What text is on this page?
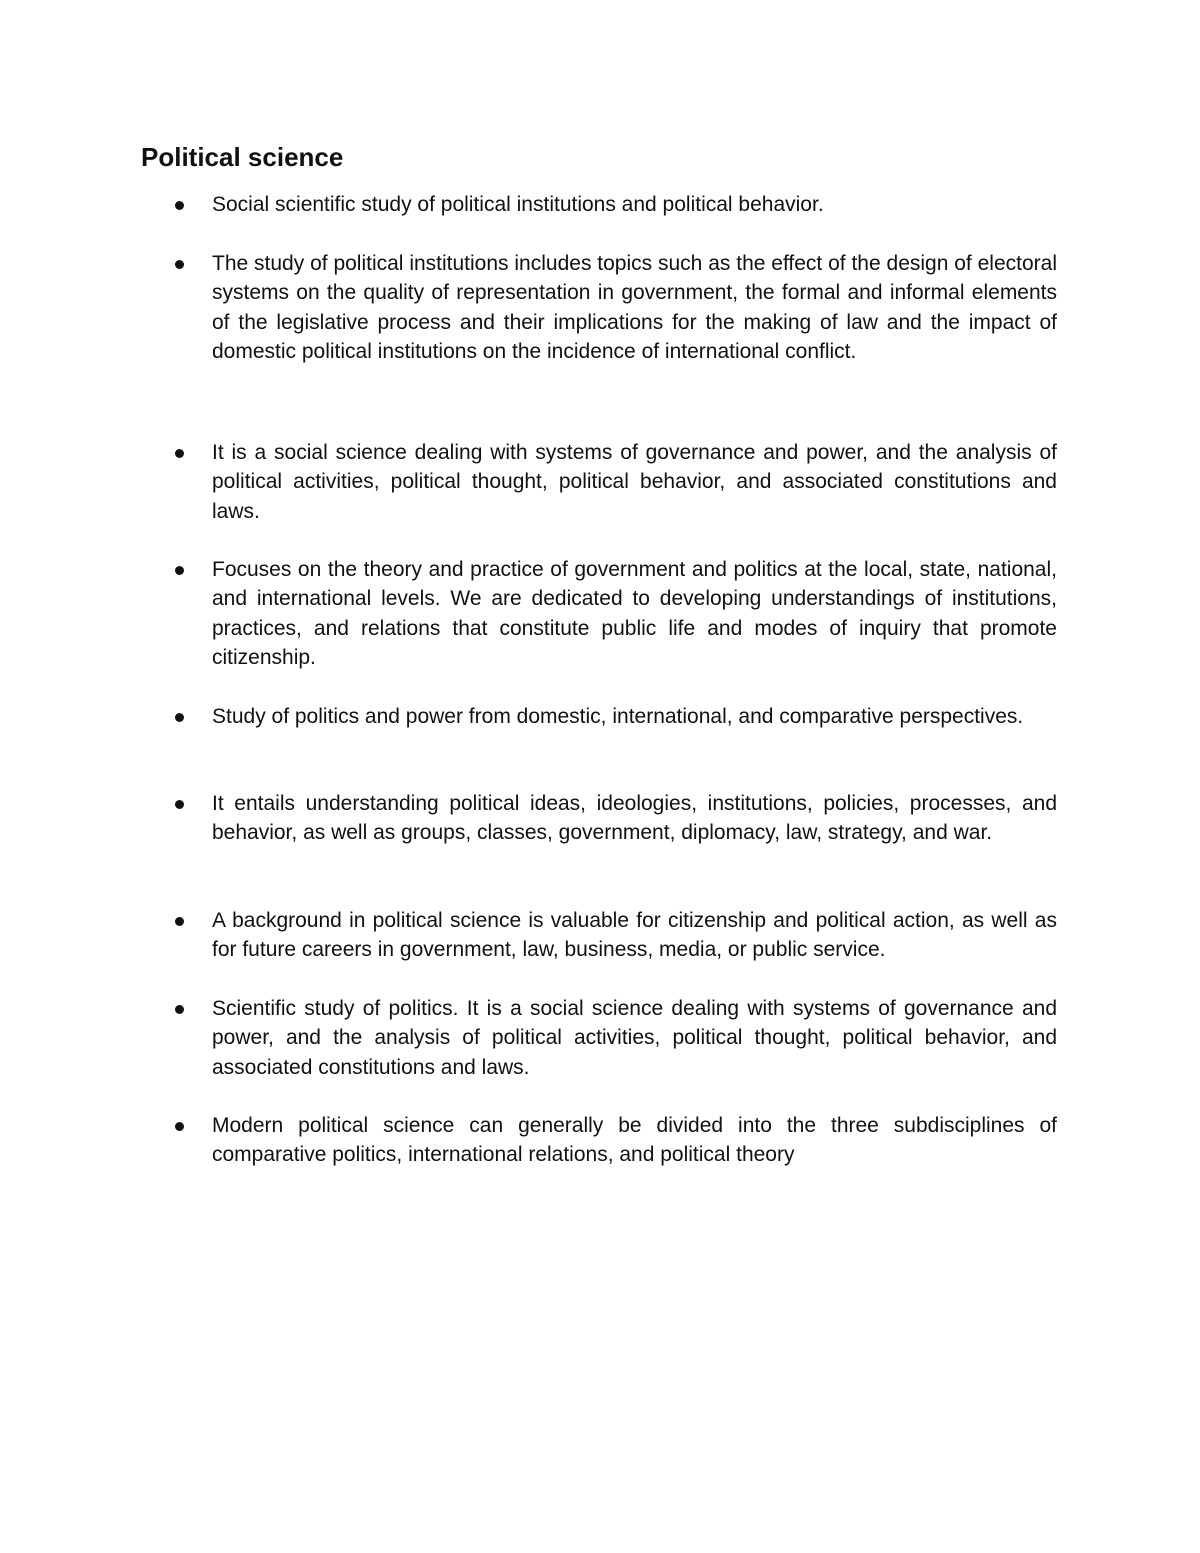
Political science

Social scientific study of political institutions and political behavior.

The study of political institutions includes topics such as the effect of the design of electoral systems on the quality of representation in government, the formal and informal elements of the legislative process and their implications for the making of law and the impact of domestic political institutions on the incidence of international conflict.

It is a social science dealing with systems of governance and power, and the analysis of political activities, political thought, political behavior, and associated constitutions and laws.

Focuses on the theory and practice of government and politics at the local, state, national, and international levels. We are dedicated to developing understandings of institutions, practices, and relations that constitute public life and modes of inquiry that promote citizenship.

Study of politics and power from domestic, international, and comparative perspectives.

It entails understanding political ideas, ideologies, institutions, policies, processes, and behavior, as well as groups, classes, government, diplomacy, law, strategy, and war.

A background in political science is valuable for citizenship and political action, as well as for future careers in government, law, business, media, or public service.

Scientific study of politics. It is a social science dealing with systems of governance and power, and the analysis of political activities, political thought, political behavior, and associated constitutions and laws.

Modern political science can generally be divided into the three subdisciplines of comparative politics, international relations, and political theory
